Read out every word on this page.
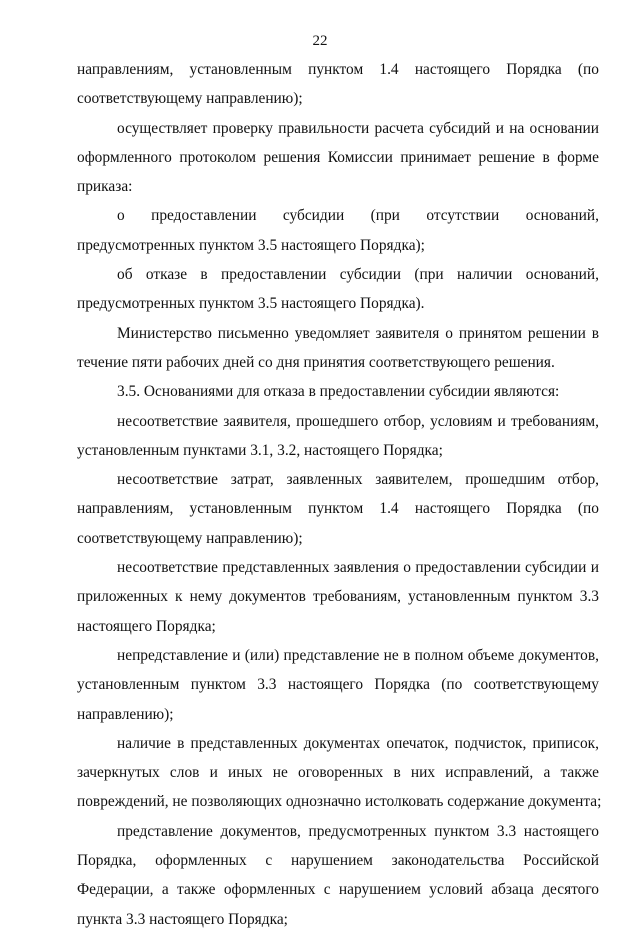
22
направлениям, установленным пунктом 1.4 настоящего Порядка (по
соответствующему направлению);
осуществляет проверку правильности расчета субсидий и на основании
оформленного протоколом решения Комиссии принимает решение в форме
приказа:
о предоставлении субсидии (при отсутствии оснований,
предусмотренных пунктом 3.5 настоящего Порядка);
об отказе в предоставлении субсидии (при наличии оснований,
предусмотренных пунктом 3.5 настоящего Порядка).
Министерство письменно уведомляет заявителя о принятом решении в
течение пяти рабочих дней со дня принятия соответствующего решения.
3.5. Основаниями для отказа в предоставлении субсидии являются:
несоответствие заявителя, прошедшего отбор, условиям и требованиям,
установленным пунктами 3.1, 3.2, настоящего Порядка;
несоответствие затрат, заявленных заявителем, прошедшим отбор,
направлениям, установленным пунктом 1.4 настоящего Порядка (по
соответствующему направлению);
несоответствие представленных заявления о предоставлении субсидии и
приложенных к нему документов требованиям, установленным пунктом 3.3
настоящего Порядка;
непредставление и (или) представление не в полном объеме документов,
установленным пунктом 3.3 настоящего Порядка (по соответствующему
направлению);
наличие в представленных документах опечаток, подчисток, приписок,
зачеркнутых слов и иных не оговоренных в них исправлений, а также
повреждений, не позволяющих однозначно истолковать содержание документа;
представление документов, предусмотренных пунктом 3.3 настоящего
Порядка, оформленных с нарушением законодательства Российской
Федерации, а также оформленных с нарушением условий абзаца десятого
пункта 3.3 настоящего Порядка;
